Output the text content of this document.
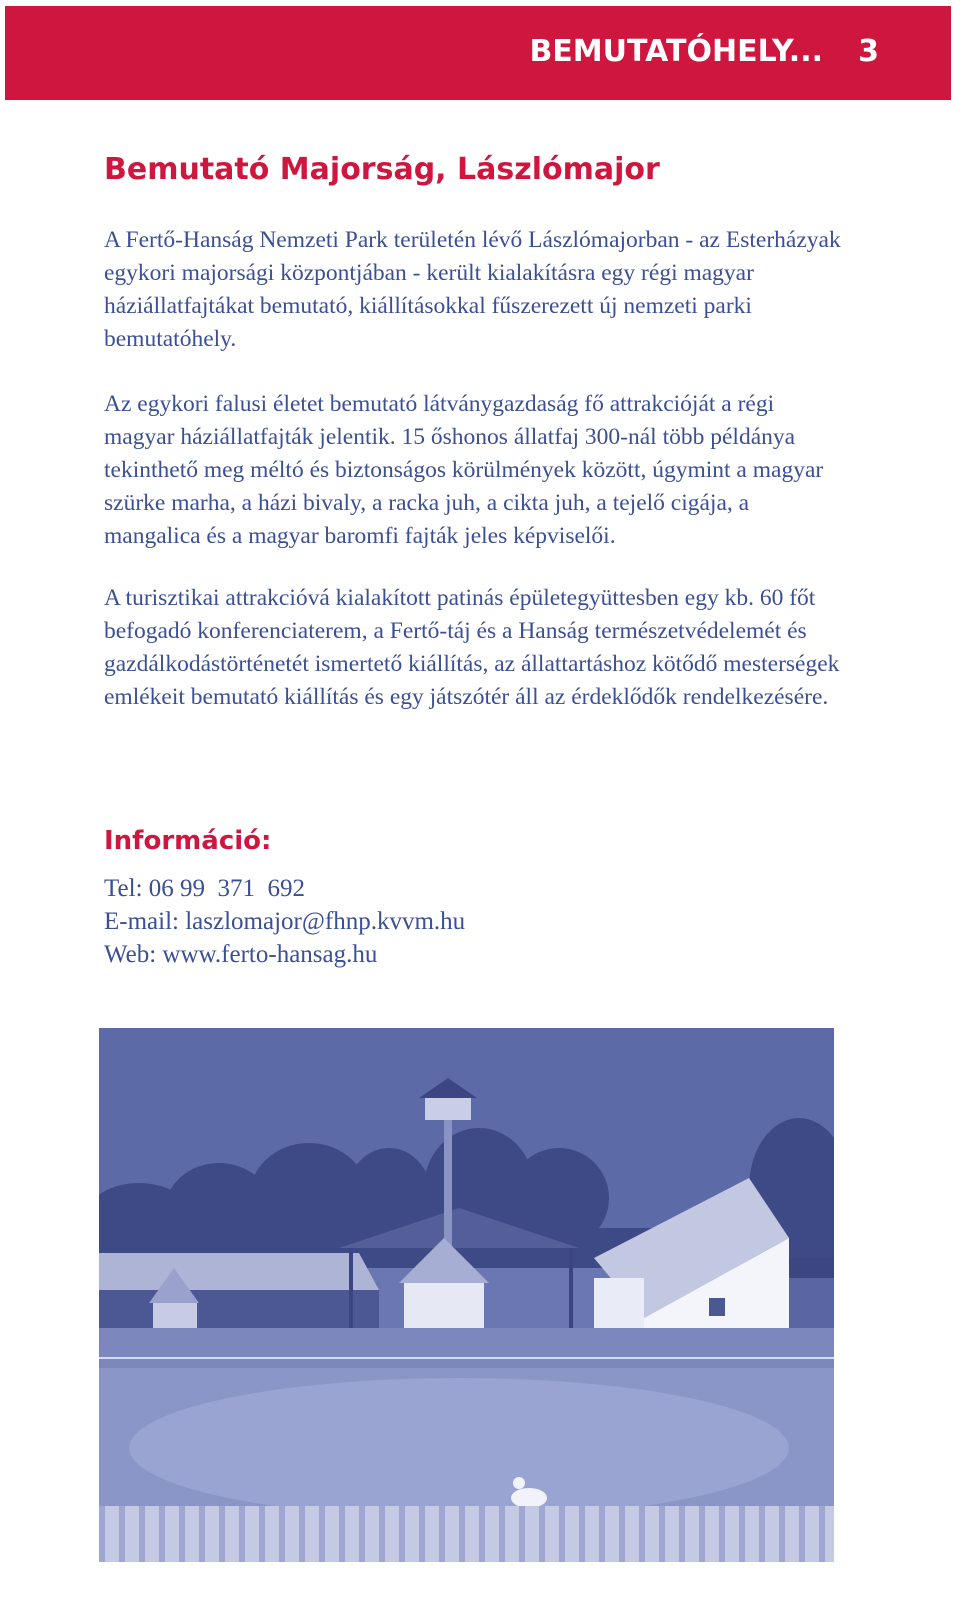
BEMUTATÓHELY... 3
Bemutató Majorság, Lászlómajor

A Fertő-Hanság Nemzeti Park területén lévő Lászlómajorban - az Esterházyak egykori majorsági központjában - került kialakításra egy régi magyar háziállatfajtákat bemutató, kiállításokkal fűszerezett új nemzeti parki bemutatóhely.

Az egykori falusi életet bemutató látványgazdaság fő attrakcióját a régi magyar háziállatfajták jelentik. 15 őshonos állatfaj 300-nál több példánya tekinthető meg méltó és biztonságos körülmények között, úgymint a magyar szürke marha, a házi bivaly, a racka juh, a cikta juh, a tejelő cigája, a mangalica és a magyar baromfi fajták jeles képviselői.

A turisztikai attrakcióvá kialakított patinás épületegyüttesben egy kb. 60 főt befogadó konferenciaterem, a Fertő-táj és a Hanság természetvédelemét és gazdálkodástörténetét ismertető kiállítás, az állattartáshoz kötődő mesterségek emlékeit bemutató kiállítás és egy játszótér áll az érdeklődők rendelkezésére.

Információ:
Tel: 06 99  371  692
E-mail: laszlomajor@fhnp.kvvm.hu
Web: www.ferto-hansag.hu
